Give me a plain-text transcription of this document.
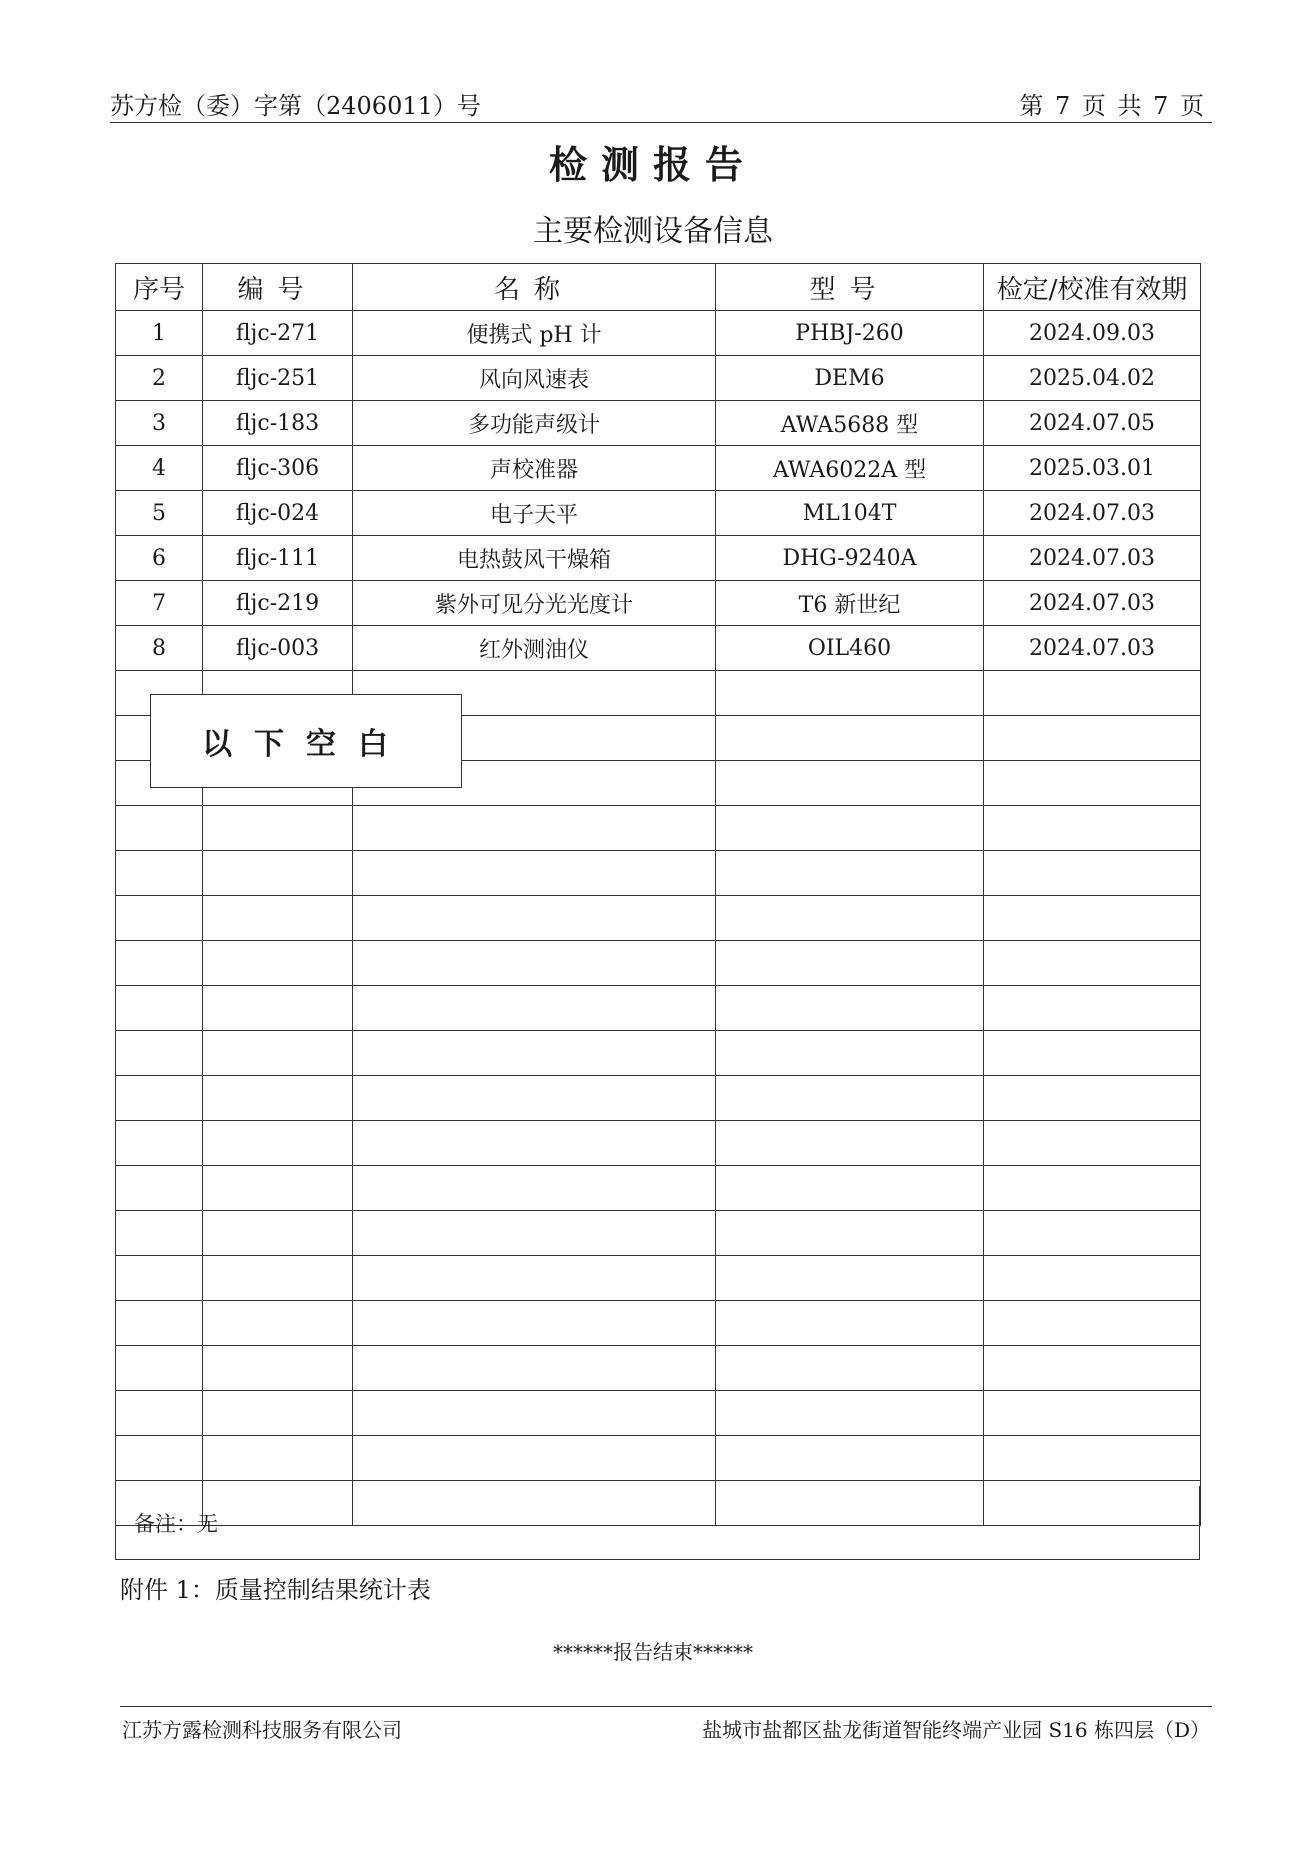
苏方检（委）字第（2406011）号	第 7 页 共 7 页
检测报告
主要检测设备信息
序号	编号	名称	型号	检定/校准有效期
1	fljc-271	便携式 pH 计	PHBJ-260	2024.09.03
2	fljc-251	风向风速表	DEM6	2025.04.02
3	fljc-183	多功能声级计	AWA5688 型	2024.07.05
4	fljc-306	声校准器	AWA6022A 型	2025.03.01
5	fljc-024	电子天平	ML104T	2024.07.03
6	fljc-111	电热鼓风干燥箱	DHG-9240A	2024.07.03
7	fljc-219	紫外可见分光光度计	T6 新世纪	2024.07.03
8	fljc-003	红外测油仪	OIL460	2024.07.03

备注：无
以下空白
附件 1：质量控制结果统计表
******报告结束******
江苏方露检测科技服务有限公司	盐城市盐都区盐龙街道智能终端产业园 S16 栋四层（D）
